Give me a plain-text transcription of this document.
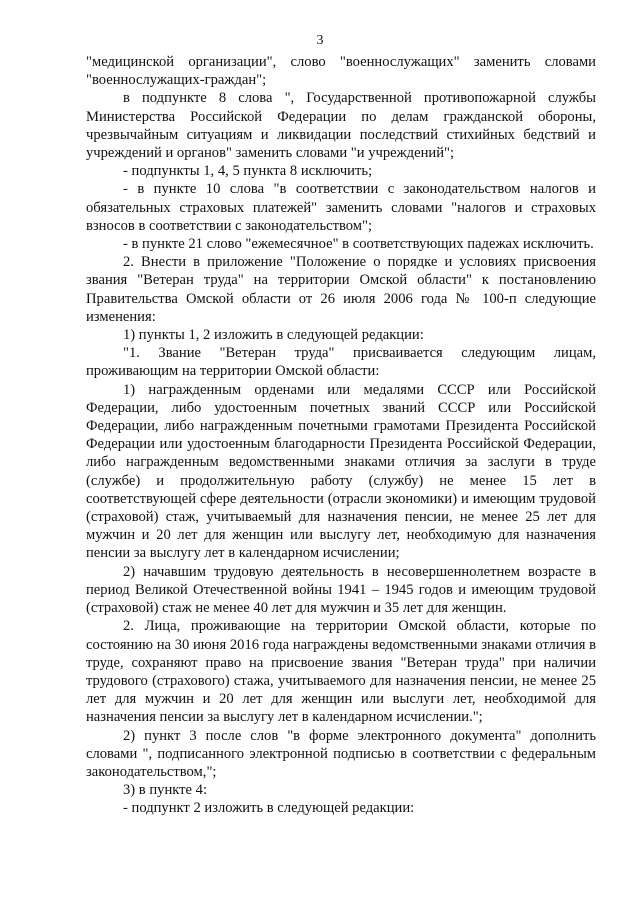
3

"медицинской организации", слово "военнослужащих" заменить словами "военнослужащих-граждан";

в подпункте 8 слова ", Государственной противопожарной службы Министерства Российской Федерации по делам гражданской обороны, чрезвычайным ситуациям и ликвидации последствий стихийных бедствий и учреждений и органов" заменить словами "и учреждений";

- подпункты 1, 4, 5 пункта 8 исключить;

- в пункте 10 слова "в соответствии с законодательством налогов и обязательных страховых платежей" заменить словами "налогов и страховых взносов в соответствии с законодательством";

- в пункте 21 слово "ежемесячное" в соответствующих падежах исключить.

2. Внести в приложение "Положение о порядке и условиях присвоения звания "Ветеран труда" на территории Омской области" к постановлению Правительства Омской области от 26 июля 2006 года № 100-п следующие изменения:

1) пункты 1, 2 изложить в следующей редакции:

"1. Звание "Ветеран труда" присваивается следующим лицам, проживающим на территории Омской области:

1) награжденным орденами или медалями СССР или Российской Федерации, либо удостоенным почетных званий СССР или Российской Федерации, либо награжденным почетными грамотами Президента Российской Федерации или удостоенным благодарности Президента Российской Федерации, либо награжденным ведомственными знаками отличия за заслуги в труде (службе) и продолжительную работу (службу) не менее 15 лет в соответствующей сфере деятельности (отрасли экономики) и имеющим трудовой (страховой) стаж, учитываемый для назначения пенсии, не менее 25 лет для мужчин и 20 лет для женщин или выслугу лет, необходимую для назначения пенсии за выслугу лет в календарном исчислении;

2) начавшим трудовую деятельность в несовершеннолетнем возрасте в период Великой Отечественной войны 1941 – 1945 годов и имеющим трудовой (страховой) стаж не менее 40 лет для мужчин и 35 лет для женщин.

2. Лица, проживающие на территории Омской области, которые по состоянию на 30 июня 2016 года награждены ведомственными знаками отличия в труде, сохраняют право на присвоение звания "Ветеран труда" при наличии трудового (страхового) стажа, учитываемого для назначения пенсии, не менее 25 лет для мужчин и 20 лет для женщин или выслуги лет, необходимой для назначения пенсии за выслугу лет в календарном исчислении.";

2) пункт 3 после слов "в форме электронного документа" дополнить словами ", подписанного электронной подписью в соответствии с федеральным законодательством,";

3) в пункте 4:

- подпункт 2 изложить в следующей редакции:
